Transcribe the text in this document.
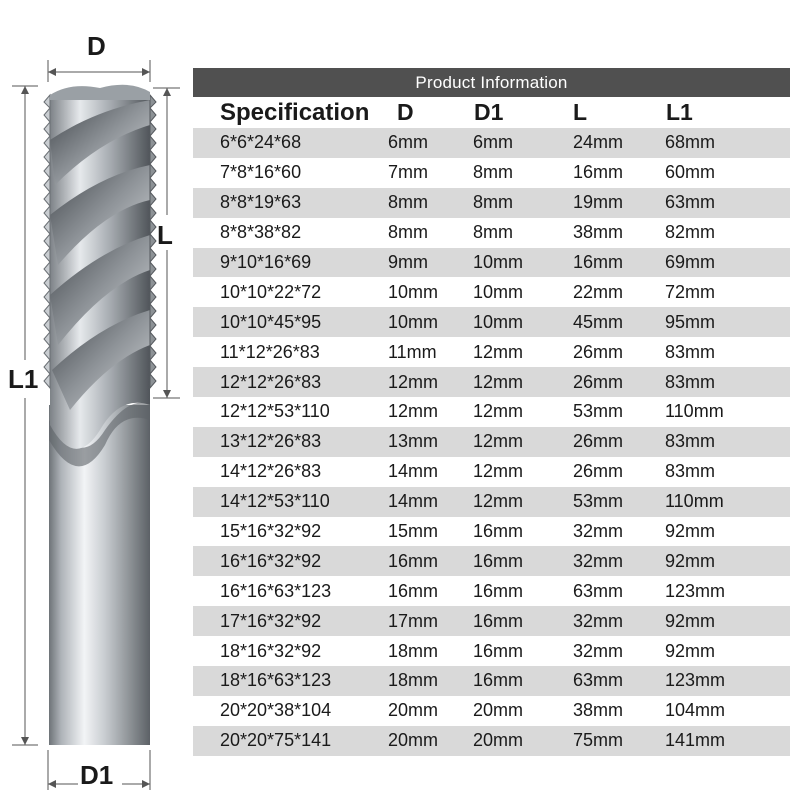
D
L
L1
D1
Product Information
Specification	D	D1	L	L1
6*6*24*68	6mm	6mm	24mm	68mm
7*8*16*60	7mm	8mm	16mm	60mm
8*8*19*63	8mm	8mm	19mm	63mm
8*8*38*82	8mm	8mm	38mm	82mm
9*10*16*69	9mm	10mm	16mm	69mm
10*10*22*72	10mm	10mm	22mm	72mm
10*10*45*95	10mm	10mm	45mm	95mm
11*12*26*83	11mm	12mm	26mm	83mm
12*12*26*83	12mm	12mm	26mm	83mm
12*12*53*110	12mm	12mm	53mm	110mm
13*12*26*83	13mm	12mm	26mm	83mm
14*12*26*83	14mm	12mm	26mm	83mm
14*12*53*110	14mm	12mm	53mm	110mm
15*16*32*92	15mm	16mm	32mm	92mm
16*16*32*92	16mm	16mm	32mm	92mm
16*16*63*123	16mm	16mm	63mm	123mm
17*16*32*92	17mm	16mm	32mm	92mm
18*16*32*92	18mm	16mm	32mm	92mm
18*16*63*123	18mm	16mm	63mm	123mm
20*20*38*104	20mm	20mm	38mm	104mm
20*20*75*141	20mm	20mm	75mm	141mm
